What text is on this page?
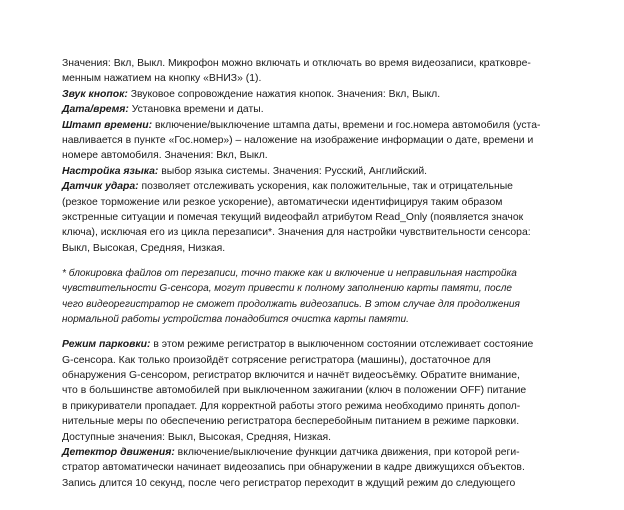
Значения: Вкл, Выкл. Микрофон можно включать и отключать во время видеозаписи, кратковре-
менным нажатием на кнопку «ВНИЗ» (1).
Звук кнопок: Звуковое сопровождение нажатия кнопок. Значения: Вкл, Выкл.
Дата/время: Установка времени и даты.
Штамп времени: включение/выключение штампа даты, времени и гос.номера автомобиля (уста-
навливается в пункте «Гос.номер») – наложение на изображение информации о дате, времени и
номере автомобиля. Значения: Вкл, Выкл.
Настройка языка: выбор языка системы. Значения: Русский, Английский.
Датчик удара: позволяет отслеживать ускорения, как положительные, так и отрицательные
(резкое торможение или резкое ускорение), автоматически идентифицируя таким образом
экстренные ситуации и помечая текущий видеофайл атрибутом Read_Only (появляется значок
ключа), исключая его из цикла перезаписи*. Значения для настройки чувствительности сенсора:
Выкл, Высокая, Средняя, Низкая.
* блокировка файлов от перезаписи, точно также как и включение и неправильная настройка
чувствительности G-сенсора, могут привести к полному заполнению карты памяти, после
чего видеорегистратор не сможет продолжать видеозапись. В этом случае для продолжения
нормальной работы устройства понадобится очистка карты памяти.
Режим парковки: в этом режиме регистратор в выключенном состоянии отслеживает состояние
G-сенсора. Как только произойдёт сотрясение регистратора (машины), достаточное для
обнаружения G-сенсором, регистратор включится и начнёт видеосъёмку. Обратите внимание,
что в большинстве автомобилей при выключенном зажигании (ключ в положении OFF) питание
в прикуриватели пропадает. Для корректной работы этого режима необходимо принять допол-
нительные меры по обеспечению регистратора бесперебойным питанием в режиме парковки.
Доступные значения: Выкл, Высокая, Средняя, Низкая.
Детектор движения: включение/выключение функции датчика движения, при которой реги-
стратор автоматически начинает видеозапись при обнаружении в кадре движущихся объектов.
Запись длится 10 секунд, после чего регистратор переходит в ждущий режим до следующего
